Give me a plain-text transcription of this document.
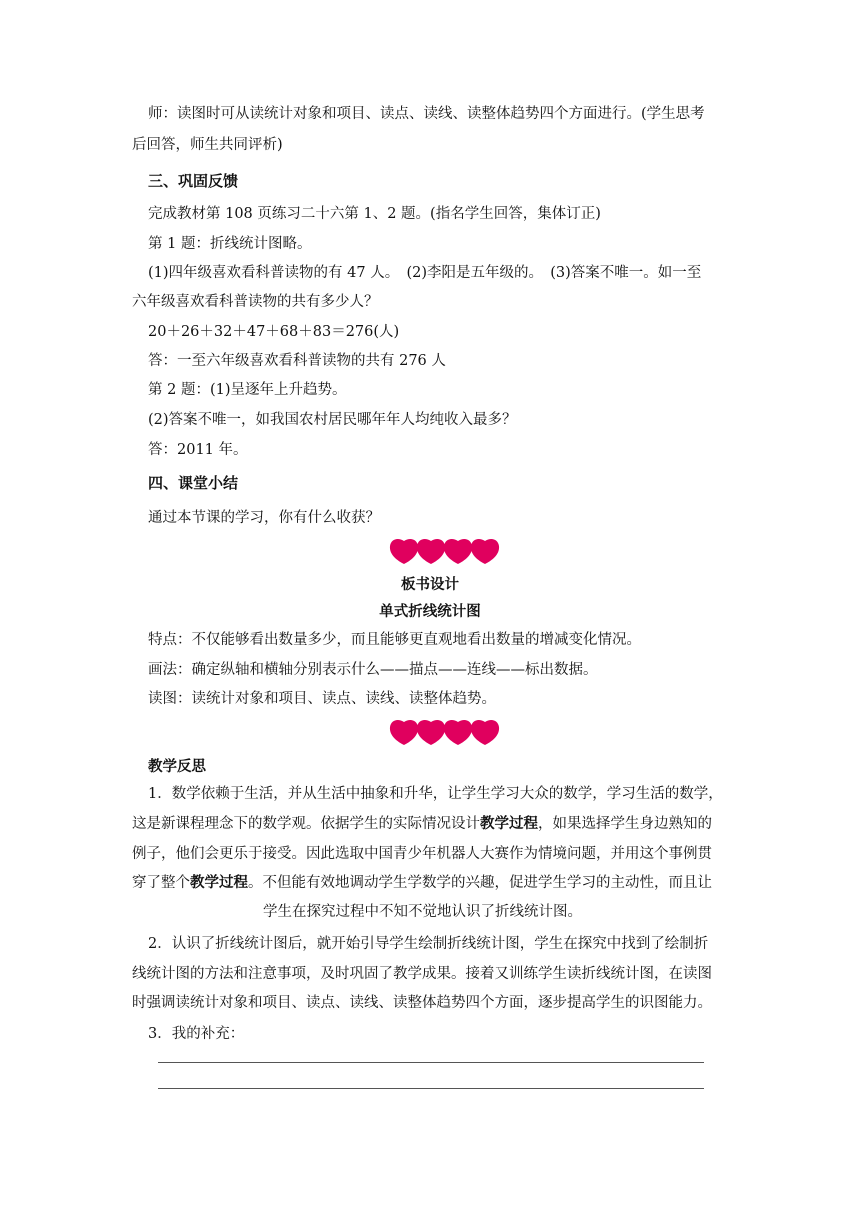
师：读图时可从读统计对象和项目、读点、读线、读整体趋势四个方面进行。(学生思考
后回答，师生共同评析)
三、巩固反馈
完成教材第 108 页练习二十六第 1、2 题。(指名学生回答，集体订正)
第 1 题：折线统计图略。
(1)四年级喜欢看科普读物的有 47 人。　(2)李阳是五年级的。　(3)答案不唯一。如一至
六年级喜欢看科普读物的共有多少人？
20＋26＋32＋47＋68＋83＝276(人)
答：一至六年级喜欢看科普读物的共有 276 人
第 2 题：(1)呈逐年上升趋势。
(2)答案不唯一，如我国农村居民哪年年人均纯收入最多？
答：2011 年。
四、课堂小结
通过本节课的学习，你有什么收获？
板书设计
单式折线统计图
特点：不仅能够看出数量多少，而且能够更直观地看出数量的增减变化情况。
画法：确定纵轴和横轴分别表示什么——描点——连线——标出数据。
读图：读统计对象和项目、读点、读线、读整体趋势。
教学反思
1．数学依赖于生活，并从生活中抽象和升华，让学生学习大众的数学，学习生活的数学，
这是新课程理念下的数学观。依据学生的实际情况设计教学过程，如果选择学生身边熟知的
例子，他们会更乐于接受。因此选取中国青少年机器人大赛作为情境问题，并用这个事例贯
穿了整个教学过程。不但能有效地调动学生学数学的兴趣，促进学生学习的主动性，而且让
学生在探究过程中不知不觉地认识了折线统计图。
2．认识了折线统计图后，就开始引导学生绘制折线统计图，学生在探究中找到了绘制折
线统计图的方法和注意事项，及时巩固了教学成果。接着又训练学生读折线统计图，在读图
时强调读统计对象和项目、读点、读线、读整体趋势四个方面，逐步提高学生的识图能力。
3．我的补充：
